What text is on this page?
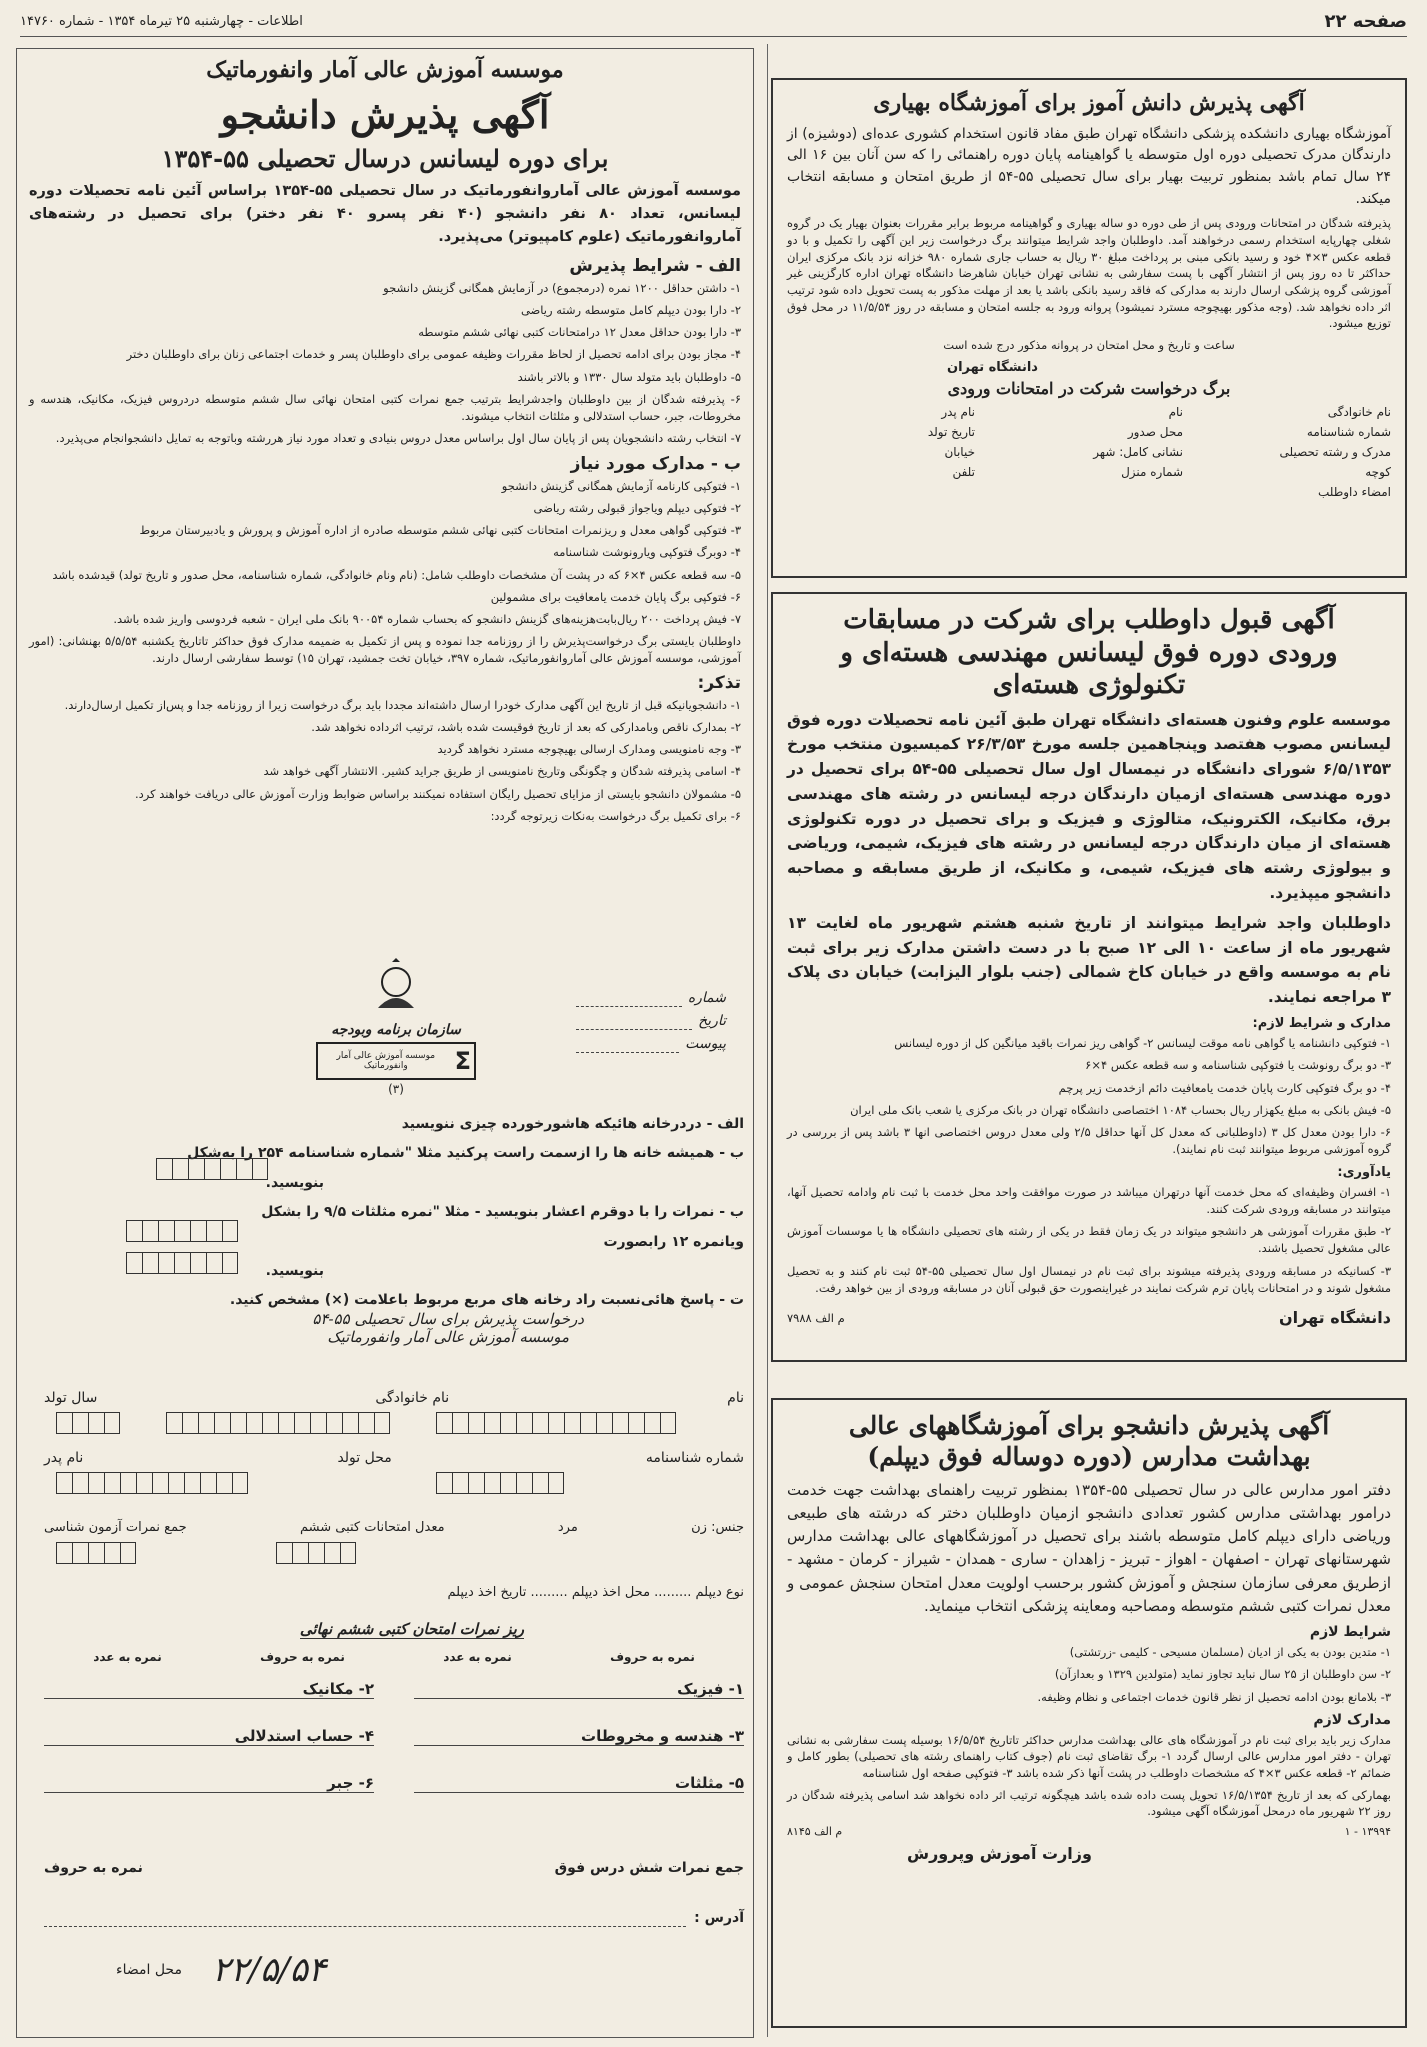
صفحه ۲۲
اطلاعات - چهارشنبه ۲۵ تیرماه ۱۳۵۴ - شماره ۱۴۷۶۰
آگهی پذیرش دانش آموز برای آموزشگاه بهیاری

آموزشگاه بهیاری دانشکده پزشکی دانشگاه تهران طبق مفاد قانون استخدام کشوری عده‌ای (دوشیزه) از دارندگان مدرک تحصیلی دوره اول متوسطه یا گواهینامه پایان دوره راهنمائی را که سن آنان بین ۱۶ الی ۲۴ سال تمام باشد بمنظور تربیت بهیار برای سال تحصیلی ۵۵-۵۴ از طریق امتحان و مسابقه انتخاب میکند.

پذیرفته شدگان در امتحانات ورودی پس از طی دوره دو ساله بهیاری و گواهینامه مربوط برابر مقررات بعنوان بهیار یک در گروه شغلی چهارپایه استخدام رسمی درخواهند آمد. داوطلبان واجد شرایط میتوانند برگ درخواست زیر این آگهی را تکمیل و با دو قطعه عکس ۳×۴ خود و رسید بانکی مبنی بر پرداخت مبلغ ۳۰ ریال به حساب جاری شماره ۹۸۰ خزانه نزد بانک مرکزی ایران حداکثر تا ده روز پس از انتشار آگهی با پست سفارشی به نشانی تهران خیابان شاهرضا دانشگاه تهران اداره کارگزینی غیر آموزشی گروه پزشکی ارسال دارند به مدارکی که فاقد رسید بانکی باشد یا بعد از مهلت مذکور به پست تحویل داده شود ترتیب اثر داده نخواهد شد. (وجه مذکور بهیچوجه مسترد نمیشود) پروانه ورود به جلسه امتحان و مسابقه در روز ۱۱/۵/۵۴ در محل فوق توزیع میشود.

ساعت و تاریخ و محل امتحان در پروانه مذکور درج شده است

دانشگاه تهران
برگ درخواست شرکت در امتحانات ورودی
نام خانوادگی
نام
نام پدر
شماره شناسنامه
محل صدور
تاریخ تولد
مدرک و رشته تحصیلی
نشانی کامل: شهر
خیابان
کوچه
شماره منزل
تلفن
امضاء داوطلب
آگهی قبول داوطلب برای شرکت در مسابقات ورودی دوره فوق لیسانس مهندسی هسته‌ای و تکنولوژی هسته‌ای

موسسه علوم وفنون هسته‌ای دانشگاه تهران طبق آئین نامه تحصیلات دوره فوق لیسانس مصوب هفتصد وپنجاهمین جلسه مورخ ۲۶/۳/۵۳ کمیسیون منتخب مورخ ۶/۵/۱۳۵۳ شورای دانشگاه در نیمسال اول سال تحصیلی ۵۵-۵۴ برای تحصیل در دوره مهندسی هسته‌ای ازمیان دارندگان درجه لیسانس در رشته های مهندسی برق، مکانیک، الکترونیک، متالوژی و فیزیک و برای تحصیل در دوره تکنولوژی هسته‌ای از میان دارندگان درجه لیسانس در رشته های فیزیک، شیمی، وریاضی و بیولوژی رشته های فیزیک، شیمی، و مکانیک، از طریق مسابقه و مصاحبه دانشجو میپذیرد.

داوطلبان واجد شرایط میتوانند از تاریخ شنبه هشتم شهریور ماه لغایت ۱۳ شهریور ماه از ساعت ۱۰ الی ۱۲ صبح با در دست داشتن مدارک زیر برای ثبت نام به موسسه واقع در خیابان کاخ شمالی (جنب بلوار الیزابت) خیابان دی پلاک ۳ مراجعه نمایند.

مدارک و شرایط لازم:

۱- فتوکپی دانشنامه یا گواهی نامه موقت لیسانس ۲- گواهی ریز نمرات باقید میانگین کل از دوره لیسانس

۳- دو برگ رونوشت یا فتوکپی شناسنامه و سه قطعه عکس ۴×۶

۴- دو برگ فتوکپی کارت پایان خدمت یامعافیت دائم ازخدمت زیر پرچم

۵- فیش بانکی به مبلغ یکهزار ریال بحساب ۱۰۸۴ اختصاصی دانشگاه تهران در بانک مرکزی یا شعب بانک ملی ایران

۶- دارا بودن معدل کل ۳ (داوطلبانی که معدل کل آنها حداقل ۲/۵ ولی معدل دروس اختصاصی انها ۳ باشد پس از بررسی در گروه آموزشی مربوط میتوانند ثبت نام نمایند).

یادآوری:

۱- افسران وظیفه‌ای که محل خدمت آنها درتهران میباشد در صورت موافقت واحد محل خدمت با ثبت نام وادامه تحصیل آنها، میتوانند در مسابقه ورودی شرکت کنند.

۲- طبق مقررات آموزشی هر دانشجو میتواند در یک زمان فقط در یکی از رشته های تحصیلی دانشگاه ها یا موسسات آموزش عالی مشغول تحصیل باشند.

۳- کسانیکه در مسابقه ورودی پذیرفته میشوند برای ثبت نام در نیمسال اول سال تحصیلی ۵۵-۵۴ ثبت نام کنند و به تحصیل مشغول شوند و در امتحانات پایان ترم شرکت نمایند در غیراینصورت حق قبولی آنان در مسابقه ورودی از بین خواهد رفت.

دانشگاه تهران
م الف ۷۹۸۸
آگهی پذیرش دانشجو برای آموزشگاههای عالی بهداشت مدارس (دوره دوساله فوق دیپلم)

دفتر امور مدارس عالی در سال تحصیلی ۵۵-۱۳۵۴ بمنظور تربیت راهنمای بهداشت جهت خدمت درامور بهداشتی مدارس کشور تعدادی دانشجو ازمیان داوطلبان دختر که درشته های طبیعی وریاضی دارای دیپلم کامل متوسطه باشند برای تحصیل در آموزشگاههای عالی بهداشت مدارس شهرستانهای تهران - اصفهان - اهواز - تبریز - زاهدان - ساری - همدان - شیراز - کرمان - مشهد - ازطریق معرفی سازمان سنجش و آموزش کشور برحسب اولویت معدل امتحان سنجش عمومی و معدل نمرات کتبی ششم متوسطه ومصاحبه ومعاینه پزشکی انتخاب مینماید.

شرایط لازم

۱- متدین بودن به یکی از ادیان (مسلمان مسیحی - کلیمی -زرتشتی)

۲- سن داوطلبان از ۲۵ سال نباید تجاوز نماید (متولدین ۱۳۲۹ و بعدازآن)

۳- بلامانع بودن ادامه تحصیل از نظر قانون خدمات اجتماعی و نظام وظیفه.

مدارک لازم

مدارک زیر باید برای ثبت نام در آموزشگاه های عالی بهداشت مدارس حداکثر تاتاریخ ۱۶/۵/۵۴ بوسیله پست سفارشی به نشانی تهران - دفتر امور مدارس عالی ارسال گردد ۱- برگ تقاضای ثبت نام (جوف کتاب راهنمای رشته های تحصیلی) بطور کامل و ضمائم ۲- قطعه عکس ۳×۴ که مشخصات داوطلب در پشت آنها ذکر شده باشد ۳- فتوکپی صفحه اول شناسنامه

بهمارکی که بعد از تاریخ ۱۶/۵/۱۳۵۴ تحویل پست داده شده باشد هیچگونه ترتیب اثر داده نخواهد شد اسامی پذیرفته شدگان در روز ۲۲ شهریور ماه درمحل آموزشگاه آگهی میشود.

۱۳۹۹۴ - ۱
م الف ۸۱۴۵
وزارت آموزش وپرورش
موسسه آموزش عالی آمار وانفورماتیک
آگهی پذیرش دانشجو
برای دوره لیسانس درسال تحصیلی ۵۵-۱۳۵۴

موسسه آموزش عالی آماروانفورماتیک در سال تحصیلی ۵۵-۱۳۵۴ براساس آئین نامه تحصیلات دوره لیسانس، تعداد ۸۰ نفر دانشجو (۴۰ نفر پسرو ۴۰ نفر دختر) برای تحصیل در رشته‌های آماروانفورماتیک (علوم کامپیوتر) می‌پذیرد.

الف - شرایط پذیرش

۱- داشتن حداقل ۱۲۰۰ نمره (درمجموع) در آزمایش همگانی گزینش دانشجو

۲- دارا بودن دیپلم کامل متوسطه رشته ریاضی

۳- دارا بودن حداقل معدل ۱۲ درامتحانات کتبی نهائی ششم متوسطه

۴- مجاز بودن برای ادامه تحصیل از لحاظ مقررات وظیفه عمومی برای داوطلبان پسر و خدمات اجتماعی زنان برای داوطلبان دختر

۵- داوطلبان باید متولد سال ۱۳۳۰ و بالاتر باشند

۶- پذیرفته شدگان از بین داوطلبان واجدشرایط بترتیب جمع نمرات کتبی امتحان نهائی سال ششم متوسطه دردروس فیزیک، مکانیک، هندسه و مخروطات، جبر، حساب استدلالی و مثلثات انتخاب میشوند.

۷- انتخاب رشته دانشجویان پس از پایان سال اول براساس معدل دروس بنیادی و تعداد مورد نیاز هررشته وباتوجه به تمایل دانشجوانجام می‌پذیرد.

ب - مدارک مورد نیاز

۱- فتوکپی کارنامه آزمایش همگانی گزینش دانشجو

۲- فتوکپی دیپلم ویاجواز قبولی رشته ریاضی

۳- فتوکپی گواهی معدل و ریزنمرات امتحانات کتبی نهائی ششم متوسطه صادره از اداره آموزش و پرورش و یادبیرستان مربوط

۴- دوبرگ فتوکپی ویارونوشت شناسنامه

۵- سه قطعه عکس ۴×۶ که در پشت آن مشخصات داوطلب شامل: (نام ونام خانوادگی، شماره شناسنامه، محل صدور و تاریخ تولد) قیدشده باشد

۶- فتوکپی برگ پایان خدمت یامعافیت برای مشمولین

۷- فیش پرداخت ۲۰۰ ریال‌بابت‌هزینه‌های گزینش دانشجو که بحساب شماره ۹۰۰۵۴ بانک ملی ایران - شعبه فردوسی واریز شده باشد.

داوطلبان بایستی برگ درخواست‌پذیرش را از روزنامه جدا نموده و پس از تکمیل به ضمیمه مدارک فوق حداکثر تاتاریخ یکشنبه ۵/۵/۵۴ بهنشانی: (امور آموزشی، موسسه آموزش عالی آماروانفورماتیک، شماره ۳۹۷، خیابان تخت جمشید، تهران ۱۵) توسط سفارشی ارسال دارند.

تذکر:

۱- دانشجویانیکه قبل از تاریخ این آگهی مدارک خودرا ارسال داشته‌اند مجددا باید برگ درخواست زیرا از روزنامه جدا و پس‌از تکمیل ارسال‌دارند.

۲- بمدارک ناقص وبامدارکی که بعد از تاریخ فوقیست شده باشد، ترتیب اثرداده نخواهد شد.

۳- وجه نامنویسی ومدارک ارسالی بهیچوجه مسترد نخواهد گردید

۴- اسامی پذیرفته شدگان و چگونگی وتاریخ نامنویسی از طریق جراید کشیر. الانتشار آگهی خواهد شد

۵- مشمولان دانشجو بایستی از مزایای تحصیل رایگان استفاده نمیکنند براساس ضوابط وزارت آموزش عالی دریافت خواهند کرد.

۶- برای تکمیل برگ درخواست به‌نکات زیرتوجه گردد:

سازمان برنامه وبودجه
Σ
موسسه آموزش عالی آمار وانفورماتیک
(۳)
شماره
تاریخ
پیوست
الف - دردرخانه هائیکه هاشورخورده چیزی ننویسید
ب - همیشه خانه ها را ازسمت راست پرکنید مثلا "شماره شناسنامه ۲۵۴ را به‌شکل
بنویسید.
ب - نمرات را با دوقرم اعشار بنویسید - مثلا "نمره مثلثات ۹/۵ را بشکل
ویانمره ۱۲ رابصورت
بنویسید.
ت - پاسخ هائی‌نسبت راد رخانه های مربع مربوط باعلامت (×) مشخص کنید.
درخواست پذیرش برای سال تحصیلی ۵۵-۵۴
موسسه آموزش عالی آمار وانفورماتیک
نام
نام خانوادگی
سال تولد
شماره شناسنامه
محل تولد
نام پدر
جنس: زن
مرد
معدل امتحانات کتبی ششم
جمع نمرات آزمون شناسی
نوع دیپلم ......... محل اخذ دیپلم ......... تاریخ اخذ دیپلم
ریز نمرات امتحان کتبی ششم نهائی
نمره به حروف
نمره به عدد
نمره به حروف
نمره به عدد
۱- فیزیک
۲- مکانیک
۳- هندسه و مخروطات
۴- حساب استدلالی
۵- مثلثات
۶- جبر
جمع نمرات شش درس فوق
نمره به حروف
آدرس :
۲۲/۵/۵۴
محل امضاء
